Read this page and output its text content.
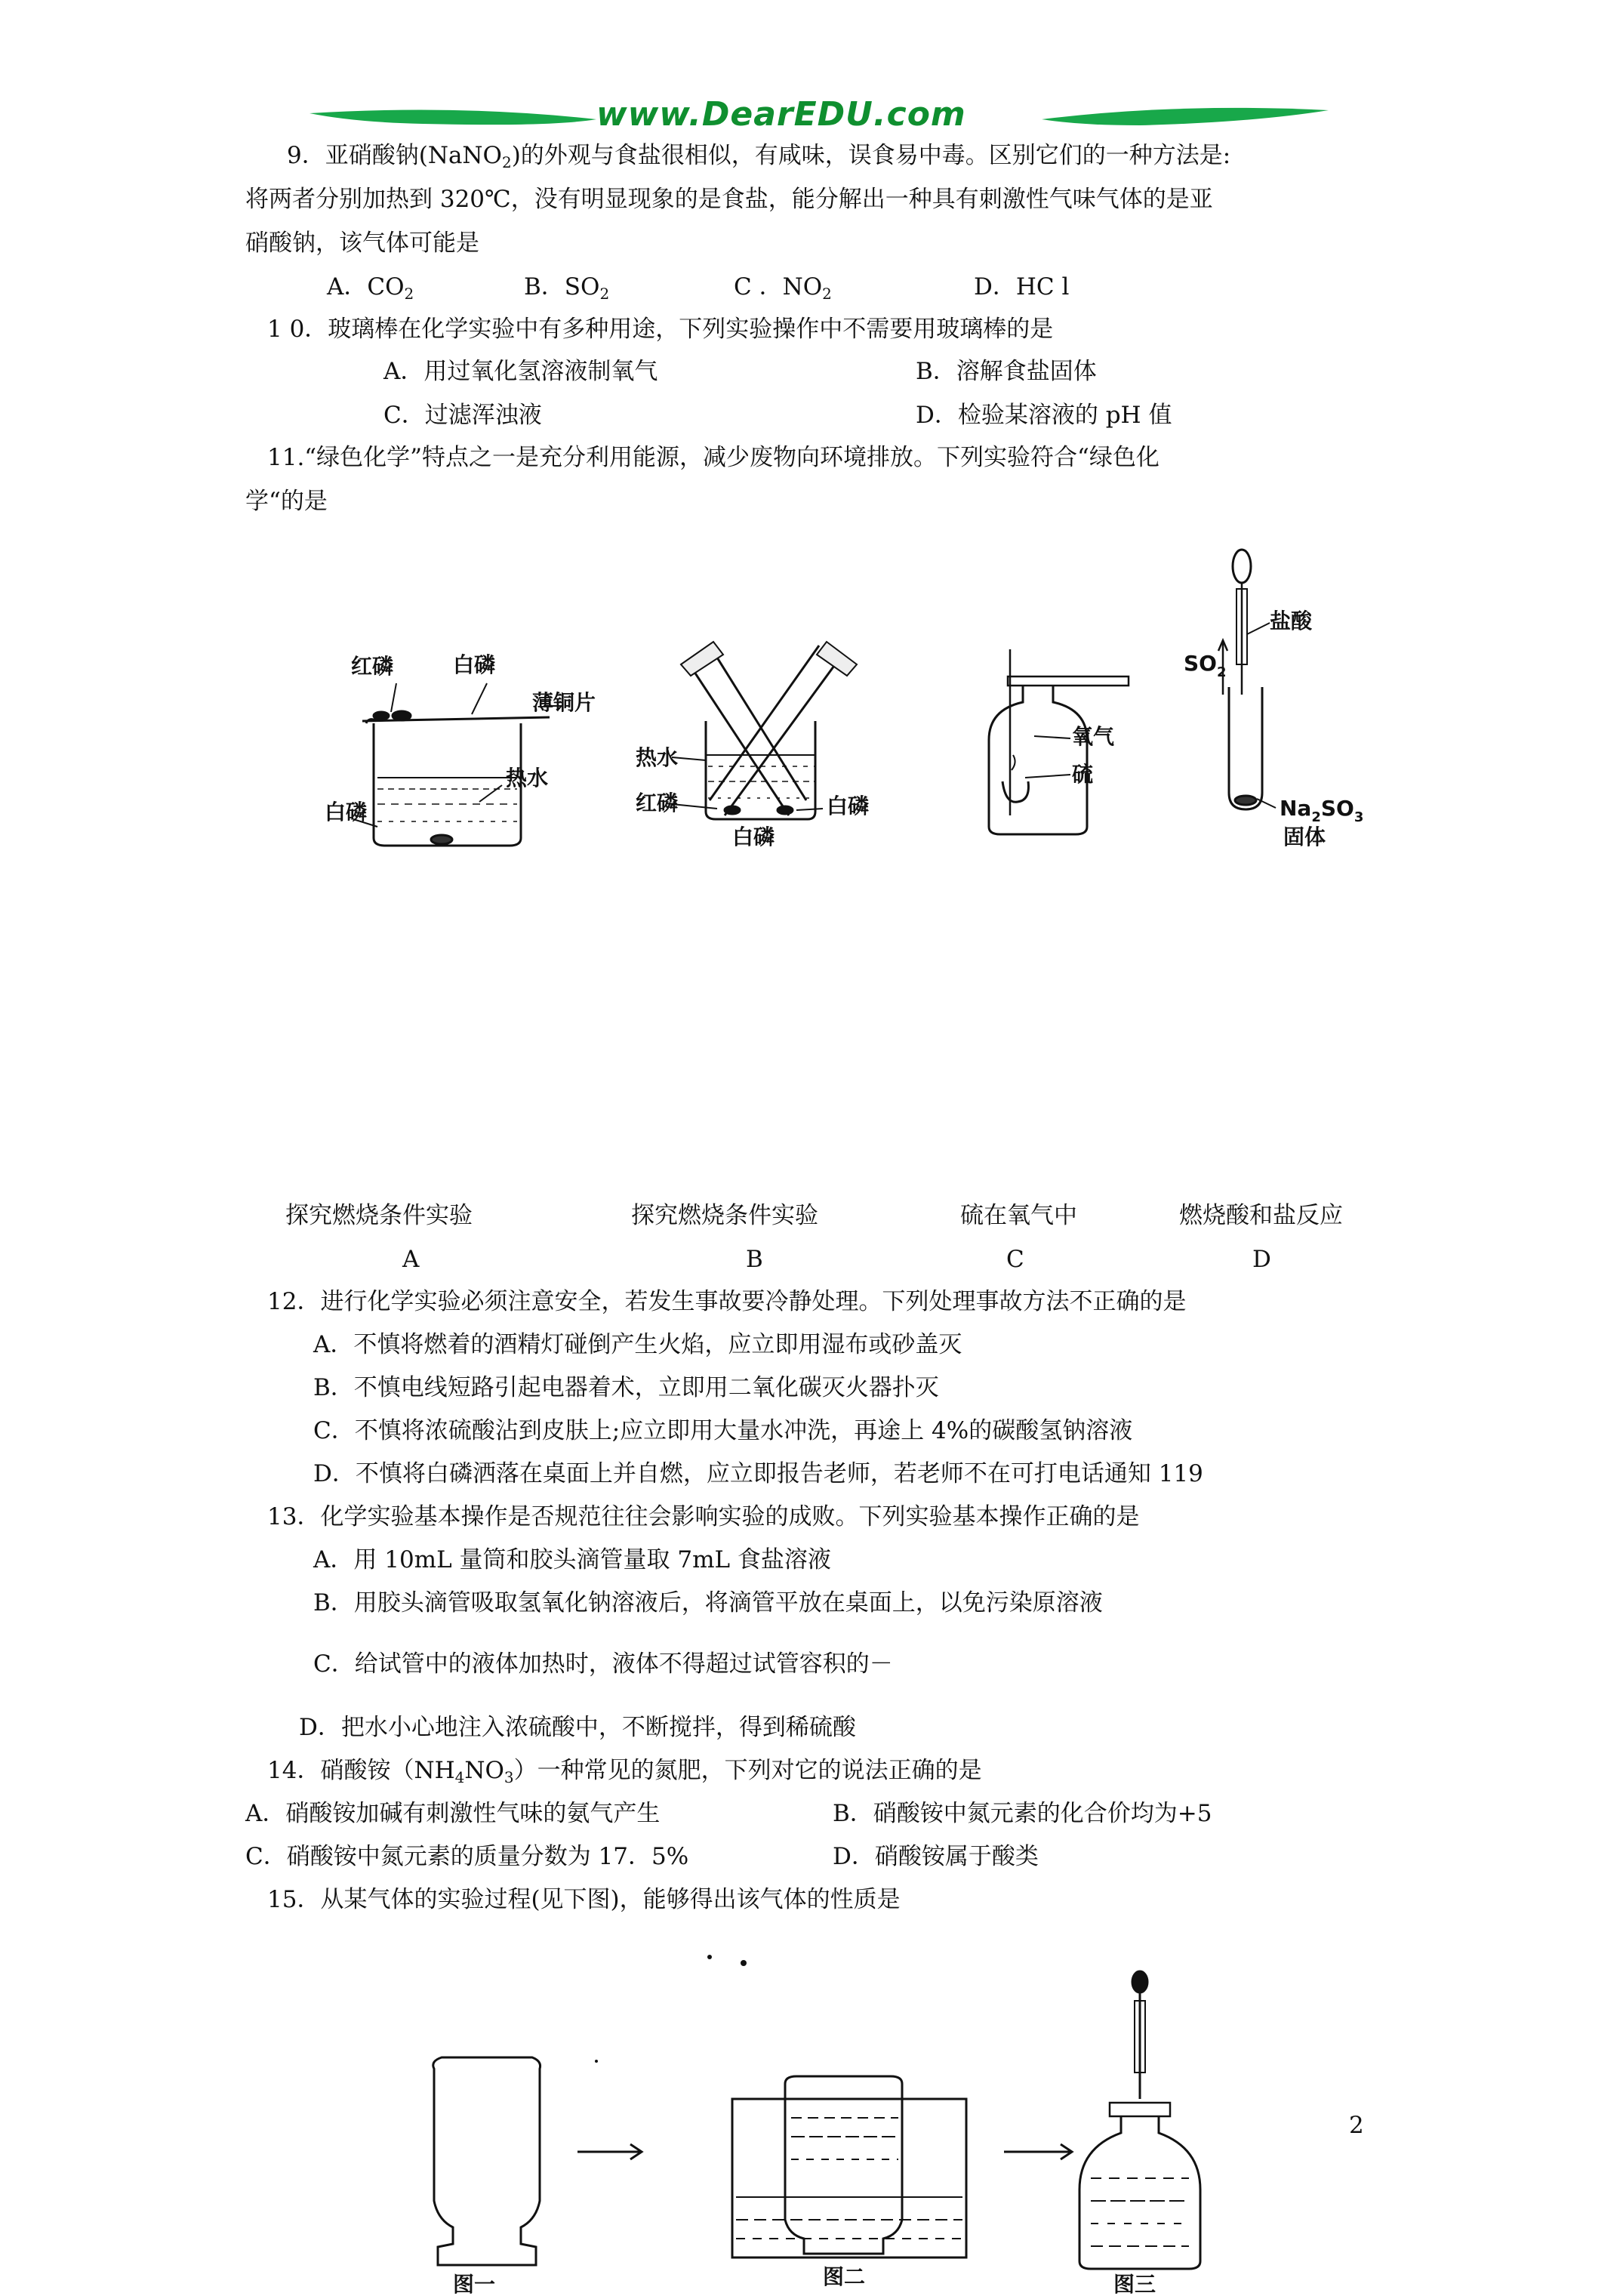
www.DearEDU.com
9．亚硝酸钠(NaNO$_2$)的外观与食盐很相似，有咸味，误食易中毒。区别它们的一种方法是:
将两者分别加热到 320℃，没有明显现象的是食盐，能分解出一种具有刺激性气味气体的是亚
硝酸钠，该气体可能是
A．$CO_2$	B．$SO_2$	C ．$NO_2$	D．HC l
1 0．玻璃棒在化学实验中有多种用途，下列实验操作中不需要用玻璃棒的是
A．用过氧化氢溶液制氧气	B．溶解食盐固体
C．过滤浑浊液	D．检验某溶液的 pH 值
11.“绿色化学”特点之一是充分利用能源，减少废物向环境排放。下列实验符合“绿色化
学“的是
红磷	白磷
薄铜片
热水
白磷
热水
红磷	白磷
白磷
氧气
硫
盐酸
$SO_2$
$Na_2SO_3$
固体
探究燃烧条件实验	探究燃烧条件实验	硫在氧气中	燃烧酸和盐反应
A	B	C	D
12．进行化学实验必须注意安全，若发生事故要冷静处理。下列处理事故方法不正确的是
A．不慎将燃着的酒精灯碰倒产生火焰，应立即用湿布或砂盖灭
B．不慎电线短路引起电器着术，立即用二氧化碳灭火器扑灭
C．不慎将浓硫酸沾到皮肤上;应立即用大量水冲洗，再途上 4%的碳酸氢钠溶液
D．不慎将白磷洒落在桌面上并自燃，应立即报告老师，若老师不在可打电话通知 119
13．化学实验基本操作是否规范往往会影响实验的成败。下列实验基本操作正确的是
A．用 10mL 量筒和胶头滴管量取 7mL 食盐溶液
B．用胶头滴管吸取氢氧化钠溶液后，将滴管平放在桌面上，以免污染原溶液
C．给试管中的液体加热时，液体不得超过试管容积的－
D．把水小心地注入浓硫酸中，不断搅拌，得到稀硫酸
14．硝酸铵$(NH_4NO_3)$一种常见的氮肥，下列对它的说法正确的是
A．硝酸铵加碱有刺激性气味的氨气产生	B．硝酸铵中氮元素的化合价均为+5
C．硝酸铵中氮元素的质量分数为 17．5%	D．硝酸铵属于酸类
15．从某气体的实验过程(见下图)，能够得出该气体的性质是
图一	图二	图三
2
